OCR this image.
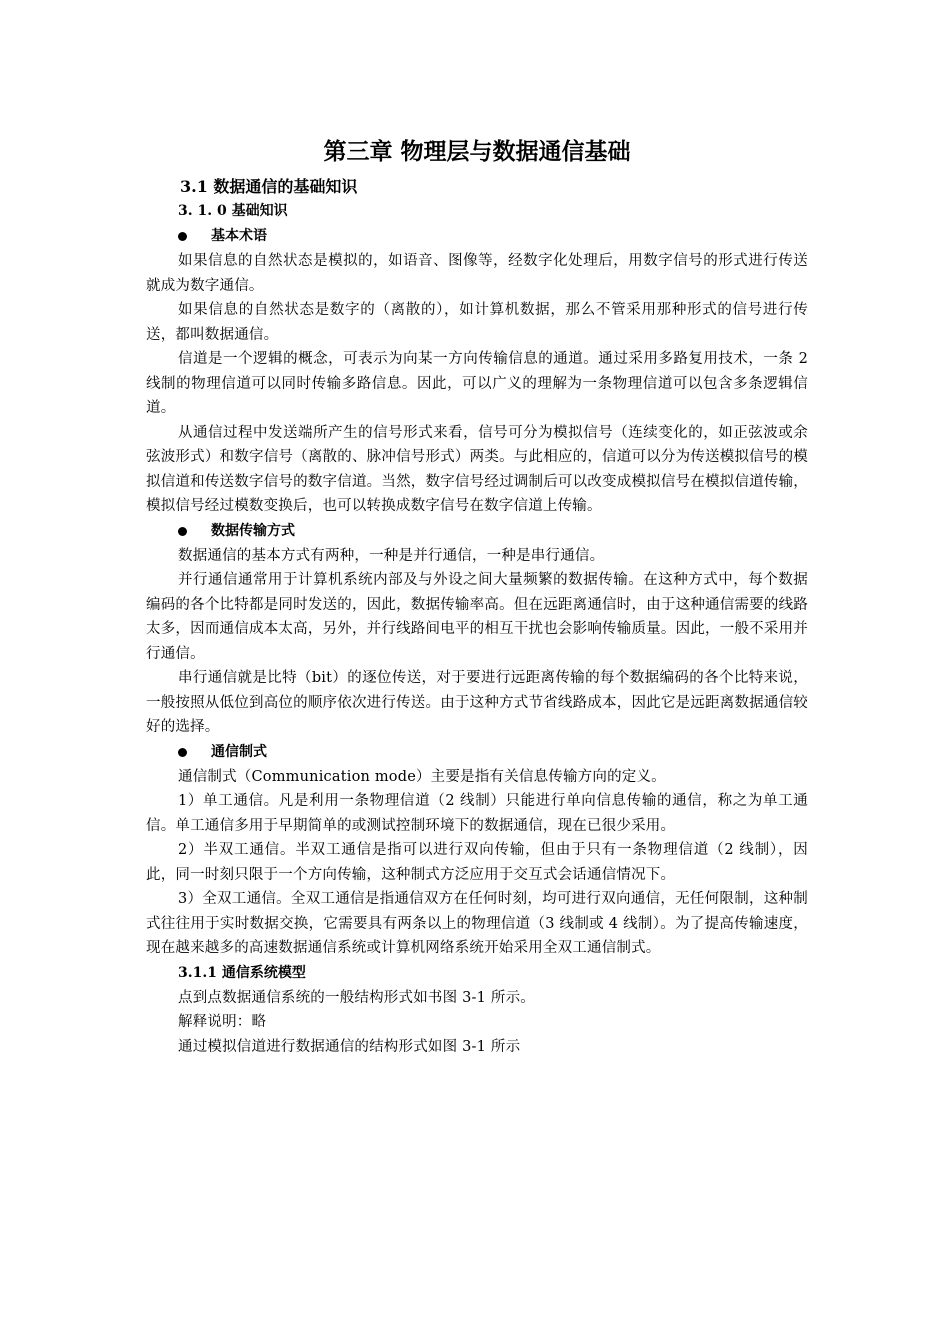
第三章 物理层与数据通信基础
3.1 数据通信的基础知识
3. 1. 0 基础知识
基本术语

如果信息的自然状态是模拟的，如语音、图像等，经数字化处理后，用数字信号的形式进行传送就成为数字通信。

如果信息的自然状态是数字的（离散的），如计算机数据，那么不管采用那种形式的信号进行传送，都叫数据通信。

信道是一个逻辑的概念，可表示为向某一方向传输信息的通道。通过采用多路复用技术，一条 2 线制的物理信道可以同时传输多路信息。因此，可以广义的理解为一条物理信道可以包含多条逻辑信道。

从通信过程中发送端所产生的信号形式来看，信号可分为模拟信号（连续变化的，如正弦波或余弦波形式）和数字信号（离散的、脉冲信号形式）两类。与此相应的，信道可以分为传送模拟信号的模拟信道和传送数字信号的数字信道。当然，数字信号经过调制后可以改变成模拟信号在模拟信道传输，模拟信号经过模数变换后，也可以转换成数字信号在数字信道上传输。

数据传输方式

数据通信的基本方式有两种，一种是并行通信，一种是串行通信。

并行通信通常用于计算机系统内部及与外设之间大量频繁的数据传输。在这种方式中，每个数据编码的各个比特都是同时发送的，因此，数据传输率高。但在远距离通信时，由于这种通信需要的线路太多，因而通信成本太高，另外，并行线路间电平的相互干扰也会影响传输质量。因此，一般不采用并行通信。

串行通信就是比特（bit）的逐位传送，对于要进行远距离传输的每个数据编码的各个比特来说，一般按照从低位到高位的顺序依次进行传送。由于这种方式节省线路成本，因此它是远距离数据通信较好的选择。

通信制式

通信制式（Communication mode）主要是指有关信息传输方向的定义。

1）单工通信。凡是利用一条物理信道（2 线制）只能进行单向信息传输的通信，称之为单工通信。单工通信多用于早期简单的或测试控制环境下的数据通信，现在已很少采用。

2）半双工通信。半双工通信是指可以进行双向传输，但由于只有一条物理信道（2 线制），因此，同一时刻只限于一个方向传输，这种制式方泛应用于交互式会话通信情况下。

3）全双工通信。全双工通信是指通信双方在任何时刻，均可进行双向通信，无任何限制，这种制式往往用于实时数据交换，它需要具有两条以上的物理信道（3 线制或 4 线制）。为了提高传输速度，现在越来越多的高速数据通信系统或计算机网络系统开始采用全双工通信制式。

3.1.1 通信系统模型

点到点数据通信系统的一般结构形式如书图 3-1 所示。

解释说明：略

通过模拟信道进行数据通信的结构形式如图 3-1 所示
